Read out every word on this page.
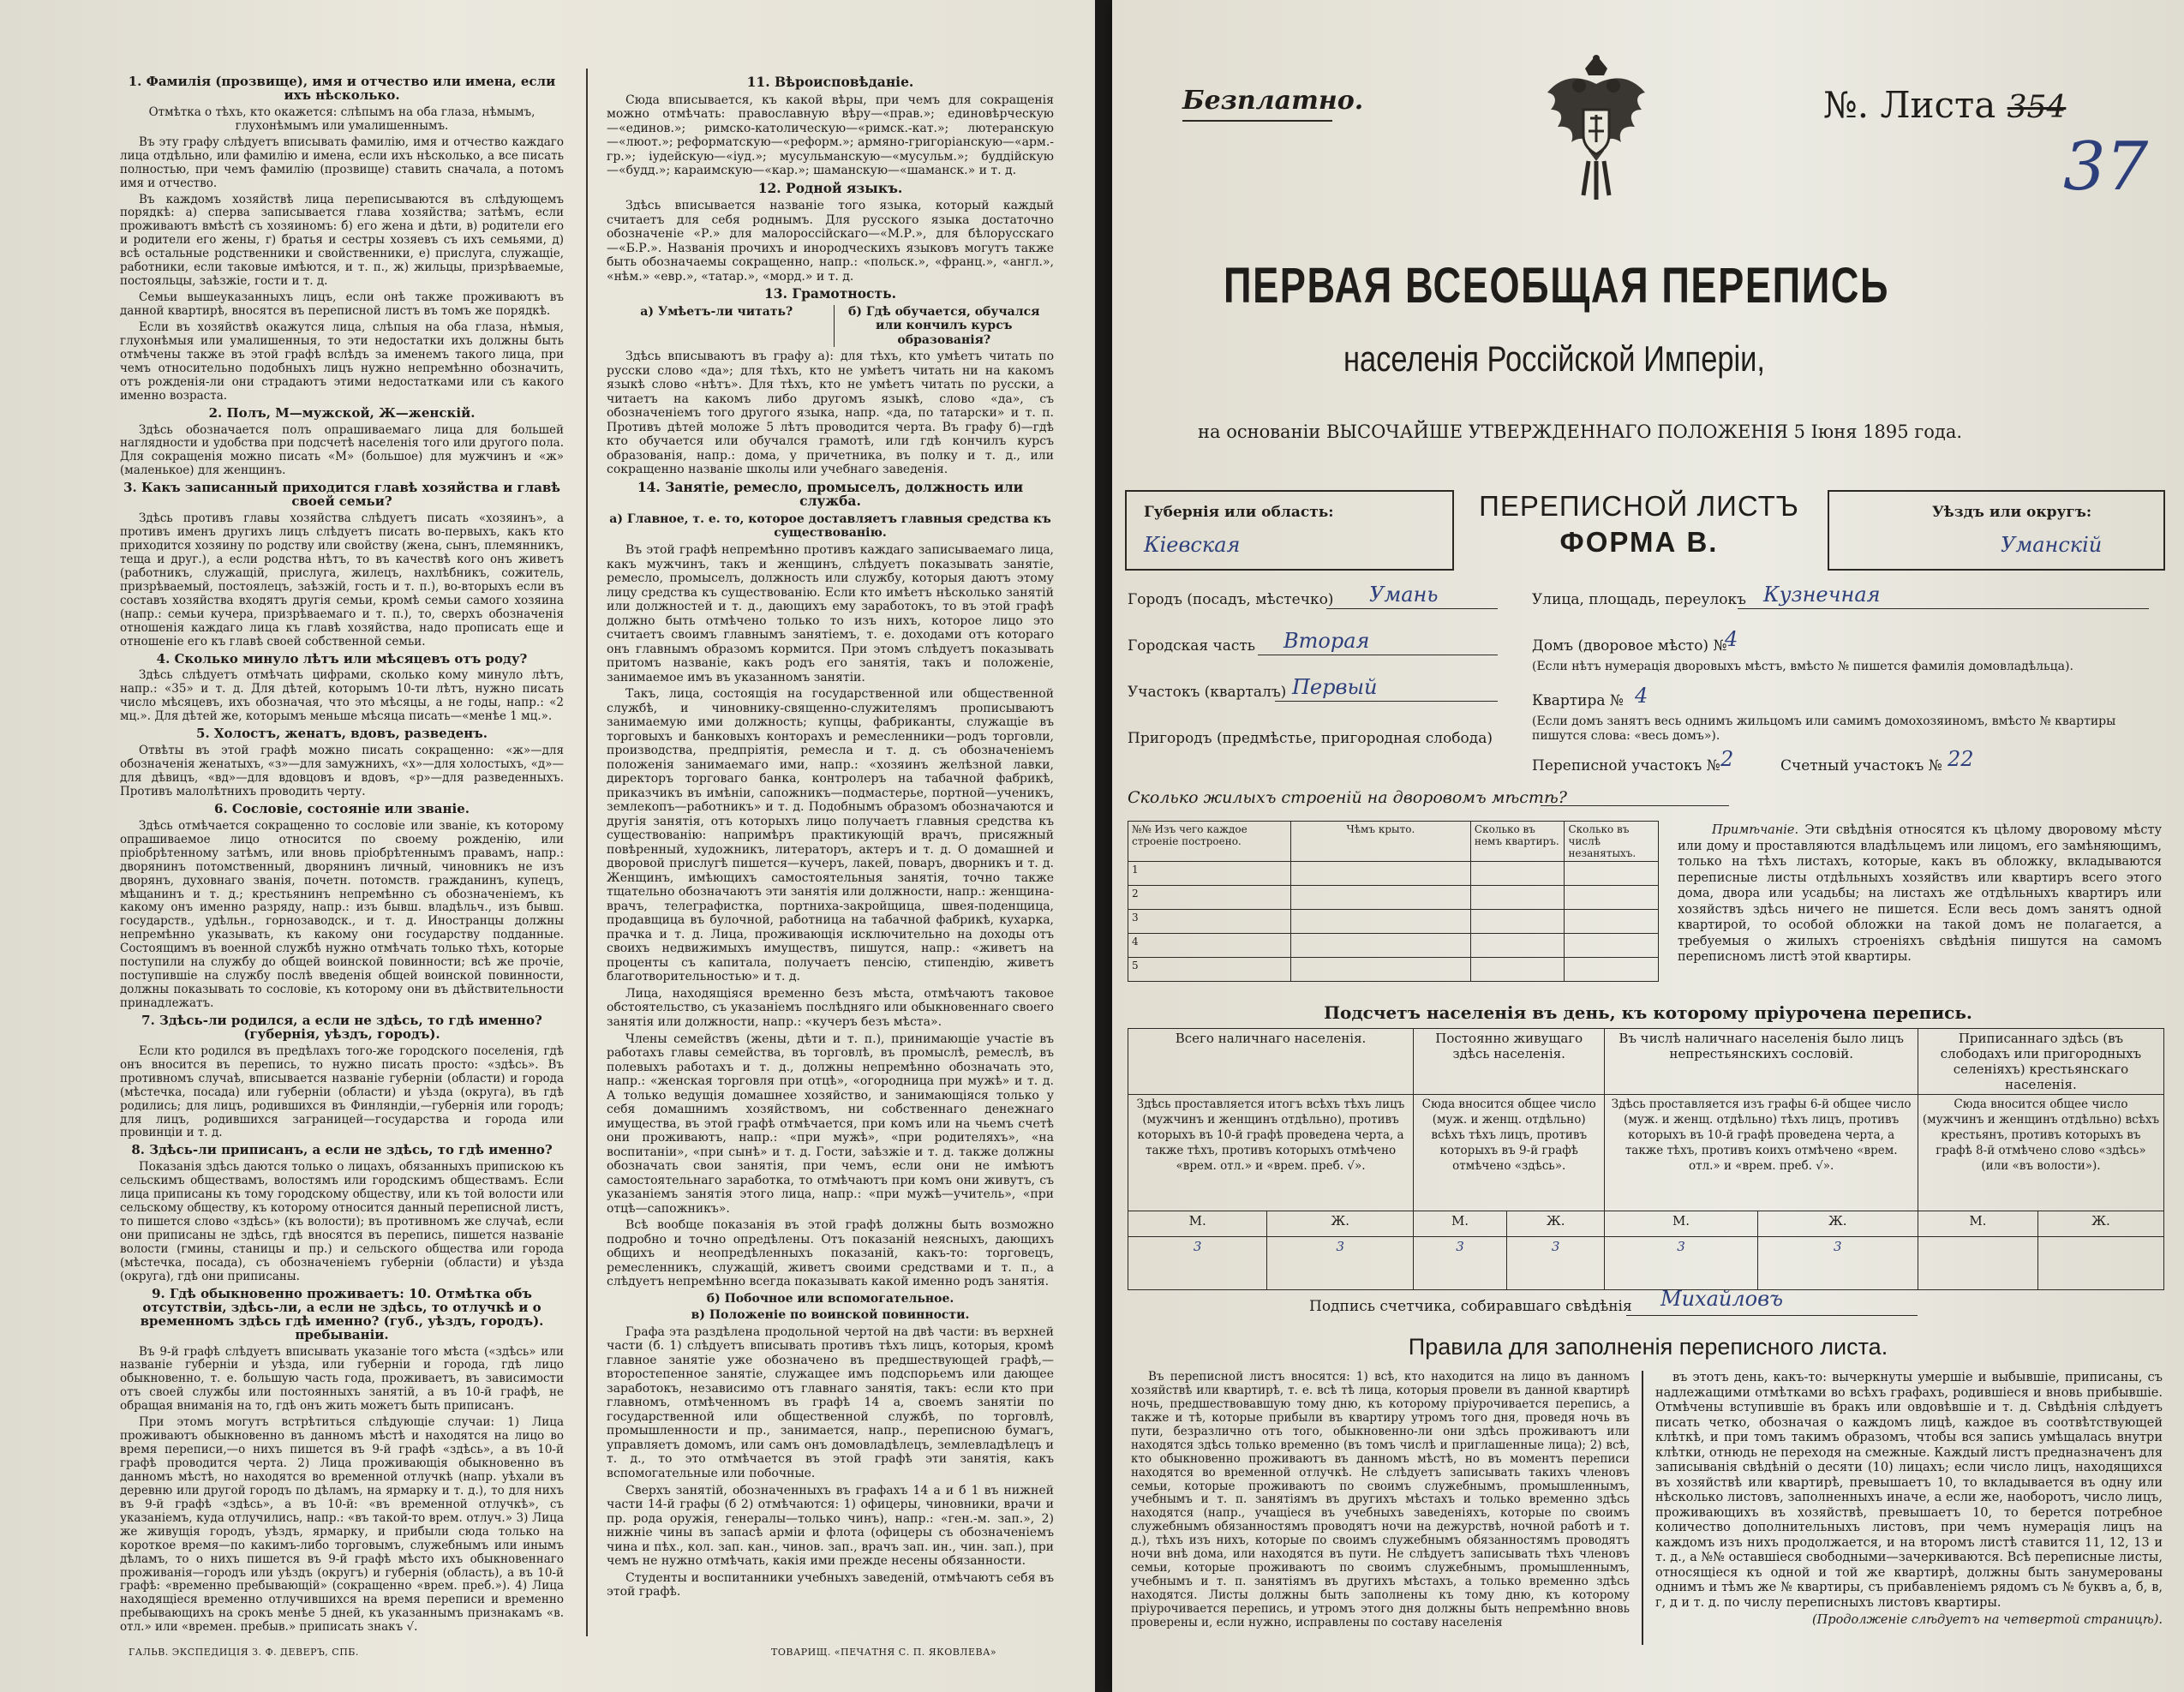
1. Фамилія (прозвище), имя и отчество или имена, если ихъ нѣсколько.

Отмѣтка о тѣхъ, кто окажется: слѣпымъ на оба глаза, нѣмымъ, глухонѣмымъ или умалишеннымъ.

Въ эту графу слѣдуетъ вписывать фамилію, имя и отчество каждаго лица отдѣльно, или фамилію и имена, если ихъ нѣсколько, а все писать полностью, при чемъ фамилію (прозвище) ставить сначала, а потомъ имя и отчество.

Въ каждомъ хозяйствѣ лица переписываются въ слѣдующемъ порядкѣ: а) сперва записывается глава хозяйства; затѣмъ, если проживаютъ вмѣстѣ съ хозяиномъ: б) его жена и дѣти, в) родители его и родители его жены, г) братья и сестры хозяевъ съ ихъ семьями, д) всѣ остальные родственники и свойственники, е) прислуга, служащіе, работники, если таковые имѣются, и т. п., ж) жильцы, призрѣваемые, постояльцы, заѣзжіе, гости и т. д.

Семьи вышеуказанныхъ лицъ, если онѣ также проживаютъ въ данной квартирѣ, вносятся въ переписной листъ въ томъ же порядкѣ.

Если въ хозяйствѣ окажутся лица, слѣпыя на оба глаза, нѣмыя, глухонѣмыя или умалишенныя, то эти недостатки ихъ должны быть отмѣчены также въ этой графѣ вслѣдъ за именемъ такого лица, при чемъ относительно подобныхъ лицъ нужно непремѣнно обозначить, отъ рожденія-ли они страдаютъ этими недостатками или съ какого именно возраста.

2. Полъ, М—мужской, Ж—женскій.

Здѣсь обозначается полъ опрашиваемаго лица для большей наглядности и удобства при подсчетѣ населенія того или другого пола. Для сокращенія можно писать «М» (большое) для мужчинъ и «ж» (маленькое) для женщинъ.

3. Какъ записанный приходится главѣ хозяйства и главѣ своей семьи?

Здѣсь противъ главы хозяйства слѣдуетъ писать «хозяинъ», а противъ именъ другихъ лицъ слѣдуетъ писать во-первыхъ, какъ кто приходится хозяину по родству или свойству (жена, сынъ, племянникъ, теща и друг.), а если родства нѣтъ, то въ качествѣ кого онъ живетъ (работникъ, служащій, прислуга, жилецъ, нахлѣбникъ, сожитель, призрѣваемый, постоялецъ, заѣзжій, гость и т. п.), во-вторыхъ если въ составъ хозяйства входятъ другія семьи, кромѣ семьи самого хозяина (напр.: семьи кучера, призрѣваемаго и т. п.), то, сверхъ обозначенія отношенія каждаго лица къ главѣ хозяйства, надо прописать еще и отношеніе его къ главѣ своей собственной семьи.

4. Сколько минуло лѣтъ или мѣсяцевъ отъ роду?

Здѣсь слѣдуетъ отмѣчать цифрами, сколько кому минуло лѣтъ, напр.: «35» и т. д. Для дѣтей, которымъ 10-ти лѣтъ, нужно писать число мѣсяцевъ, ихъ обозначая, что это мѣсяцы, а не годы, напр.: «2 мц.». Для дѣтей же, которымъ меньше мѣсяца писать—«менѣе 1 мц.».

5. Холостъ, женатъ, вдовъ, разведенъ.

Отвѣты въ этой графѣ можно писать сокращенно: «ж»—для обозначенія женатыхъ, «з»—для замужнихъ, «х»—для холостыхъ, «д»—для дѣвицъ, «вд»—для вдовцовъ и вдовъ, «р»—для разведенныхъ. Противъ малолѣтнихъ проводить черту.

6. Сословіе, состояніе или званіе.

Здѣсь отмѣчается сокращенно то сословіе или званіе, къ которому опрашиваемое лицо относится по своему рожденію, или пріобрѣтенному затѣмъ, или вновь пріобрѣтеннымъ правамъ, напр.: дворянинъ потомственный, дворянинъ личный, чиновникъ не изъ дворянъ, духовнаго званія, почетн. потомств. гражданинъ, купецъ, мѣщанинъ и т. д.; крестьянинъ непремѣнно съ обозначеніемъ, къ какому онъ именно разряду, напр.: изъ бывш. владѣльч., изъ бывш. государств., удѣльн., горнозаводск., и т. д. Иностранцы должны непремѣнно указывать, къ какому они государству подданные. Состоящимъ въ военной службѣ нужно отмѣчать только тѣхъ, которые поступили на службу до общей воинской повинности; всѣ же прочіе, поступившіе на службу послѣ введенія общей воинской повинности, должны показывать то сословіе, къ которому они въ дѣйствительности принадлежатъ.

7. Здѣсь-ли родился, а если не здѣсь, то гдѣ именно? (губернія, уѣздъ, городъ).

Если кто родился въ предѣлахъ того-же городского поселенія, гдѣ онъ вносится въ перепись, то нужно писать просто: «здѣсь». Въ противномъ случаѣ, вписывается названіе губерніи (области) и города (мѣстечка, посада) или губерніи (области) и уѣзда (округа), въ гдѣ родились; для лицъ, родившихся въ Финляндіи,—губернія или городъ; для лицъ, родившихся заграницей—государства и города или провинціи и т. д.

8. Здѣсь-ли приписанъ, а если не здѣсь, то гдѣ именно?

Показанія здѣсь даются только о лицахъ, обязанныхъ припискою къ сельскимъ обществамъ, волостямъ или городскимъ обществамъ. Если лица приписаны къ тому городскому обществу, или къ той волости или сельскому обществу, къ которому относится данный переписной листъ, то пишется слово «здѣсь» (къ волости); въ противномъ же случаѣ, если они приписаны не здѣсь, гдѣ вносятся въ перепись, пишется названіе волости (гмины, станицы и пр.) и сельского общества или города (мѣстечка, посада), съ обозначеніемъ губерніи (области) и уѣзда (округа), гдѣ они приписаны.

9. Гдѣ обыкновенно проживаетъ: 10. Отмѣтка объ отсутствіи, здѣсь-ли, а если не здѣсь, то отлучкѣ и о временномъ здѣсь гдѣ именно? (губ., уѣздъ, городъ). пребываніи.

Въ 9-й графѣ слѣдуетъ вписывать указаніе того мѣста («здѣсь» или названіе губерніи и уѣзда, или губерніи и города, гдѣ лицо обыкновенно, т. е. большую часть года, проживаетъ, въ зависимости отъ своей службы или постоянныхъ занятій, а въ 10-й графѣ, не обращая вниманія на то, гдѣ онъ жить можетъ быть приписанъ.

При этомъ могутъ встрѣтиться слѣдующіе случаи: 1) Лица проживаютъ обыкновенно въ данномъ мѣстѣ и находятся на лицо во время переписи,—о нихъ пишется въ 9-й графѣ «здѣсь», а въ 10-й графѣ проводится черта. 2) Лица проживающія обыкновенно въ данномъ мѣстѣ, но находятся во временной отлучкѣ (напр. уѣхали въ деревню или другой городъ по дѣламъ, на ярмарку и т. д.), то для нихъ въ 9-й графѣ «здѣсь», а въ 10-й: «въ временной отлучкѣ», съ указаніемъ, куда отлучились, напр.: «въ такой-то врем. отлуч.» 3) Лица же живущія городъ, уѣздъ, ярмарку, и прибыли сюда только на короткое время—по какимъ-либо торговымъ, служебнымъ или инымъ дѣламъ, то о нихъ пишется въ 9-й графѣ мѣсто ихъ обыкновеннаго проживанія—городъ или уѣздъ (округъ) и губернія (область), а въ 10-й графѣ: «временно пребывающій» (сокращенно «врем. преб.»). 4) Лица находящіеся временно отлучившихся на время переписи и временно пребывающихъ на срокъ менѣе 5 дней, къ указаннымъ признакамъ «в. отл.» или «времен. пребыв.» приписать знакъ √.

11. Вѣроисповѣданіе.

Сюда вписывается, къ какой вѣры, при чемъ для сокращенія можно отмѣчать: православную вѣру—«прав.»; единовѣрческую—«единов.»; римско-католическую—«римск.-кат.»; лютеранскую—«люот.»; реформатскую—«реформ.»; армяно-григоріанскую—«арм.-гр.»; іудейскую—«іуд.»; мусульманскую—«мусульм.»; буддійскую—«будд.»; караимскую—«кар.»; шаманскую—«шаманск.» и т. д.

12. Родной языкъ.

Здѣсь вписывается названіе того языка, который каждый считаетъ для себя роднымъ. Для русского языка достаточно обозначеніе «Р.» для малороссійскаго—«М.Р.», для бѣлорусскаго—«Б.Р.». Названія прочихъ и инородческихъ языковъ могутъ также быть обозначаемы сокращенно, напр.: «польск.», «франц.», «англ.», «нѣм.» «евр.», «татар.», «морд.» и т. д.

13. Грамотность.
а) Умѣетъ-ли читать?	б) Гдѣ обучается, обучался или кончилъ курсъ образованія?

Здѣсь вписываютъ въ графу а): для тѣхъ, кто умѣетъ читать по русски слово «да»; для тѣхъ, кто не умѣетъ читать ни на какомъ языкѣ слово «нѣтъ». Для тѣхъ, кто не умѣетъ читать по русски, а читаетъ на какомъ либо другомъ языкѣ, слово «да», съ обозначеніемъ того другого языка, напр. «да, по татарски» и т. п. Противъ дѣтей моложе 5 лѣтъ проводится черта. Въ графу б)—гдѣ кто обучается или обучался грамотѣ, или гдѣ кончилъ курсъ образованія, напр.: дома, у причетника, въ полку и т. д., или сокращенно названіе школы или учебнаго заведенія.

14. Занятіе, ремесло, промыселъ, должность или служба.

а) Главное, т. е. то, которое доставляетъ главныя средства къ существованію.

Въ этой графѣ непремѣнно противъ каждаго записываемаго лица, какъ мужчинъ, такъ и женщинъ, слѣдуетъ показывать занятіе, ремесло, промыселъ, должность или службу, которыя даютъ этому лицу средства къ существованію. Если кто имѣетъ нѣсколько занятій или должностей и т. д., дающихъ ему заработокъ, то въ этой графѣ должно быть отмѣчено только то изъ нихъ, которое лицо это считаетъ своимъ главнымъ занятіемъ, т. е. доходами отъ котораго онъ главнымъ образомъ кормится. При этомъ слѣдуетъ показывать притомъ названіе, какъ родъ его занятія, такъ и положеніе, занимаемое имъ въ указанномъ занятіи.

Такъ, лица, состоящія на государственной или общественной службѣ, и чиновнику-священно-служителямъ прописываютъ занимаемую ими должность; купцы, фабриканты, служащіе въ торговыхъ и банковыхъ конторахъ и ремесленники—родъ торговли, производства, предпріятія, ремесла и т. д. съ обозначеніемъ положенія занимаемаго ими, напр.: «хозяинъ желѣзной лавки, директоръ торговаго банка, контролеръ на табачной фабрикѣ, приказчикъ въ имѣніи, сапожникъ—подмастерье, портной—ученикъ, землекопъ—работникъ» и т. д. Подобнымъ образомъ обозначаются и другія занятія, отъ которыхъ лицо получаетъ главныя средства къ существованію: напримѣръ практикующій врачъ, присяжный повѣренный, художникъ, литераторъ, актеръ и т. д. О домашней и дворовой прислугѣ пишется—кучеръ, лакей, поваръ, дворникъ и т. д. Женщинъ, имѣющихъ самостоятельныя занятія, точно также тщательно обозначаютъ эти занятія или должности, напр.: женщина-врачъ, телеграфистка, портниха-закройщица, швея-поденщица, продавщица въ булочной, работница на табачной фабрикѣ, кухарка, прачка и т. д. Лица, проживающія исключительно на доходы отъ своихъ недвижимыхъ имуществъ, пишутся, напр.: «живетъ на проценты съ капитала, получаетъ пенсію, стипендію, живетъ благотворительностью» и т. д.

Лица, находящіяся временно безъ мѣста, отмѣчаютъ таковое обстоятельство, съ указаніемъ послѣдняго или обыкновеннаго своего занятія или должности, напр.: «кучеръ безъ мѣста».

Члены семействъ (жены, дѣти и т. п.), принимающіе участіе въ работахъ главы семейства, въ торговлѣ, въ промыслѣ, ремеслѣ, въ полевыхъ работахъ и т. д., должны непремѣнно обозначать это, напр.: «женская торговля при отцѣ», «огородница при мужѣ» и т. д. А только ведущія домашнее хозяйство, и занимающіяся только у себя домашнимъ хозяйствомъ, ни собственнаго денежнаго имущества, въ этой графѣ отмѣчается, при комъ или на чьемъ счетѣ они проживаютъ, напр.: «при мужѣ», «при родителяхъ», «на воспитаніи», «при сынѣ» и т. д. Гости, заѣзжіе и т. д. также должны обозначать свои занятія, при чемъ, если они не имѣютъ самостоятельнаго заработка, то отмѣчаютъ при комъ они живутъ, съ указаніемъ занятія этого лица, напр.: «при мужѣ—учитель», «при отцѣ—сапожникъ».

Всѣ вообще показанія въ этой графѣ должны быть возможно подробно и точно опредѣлены. Отъ показаній неясныхъ, дающихъ общихъ и неопредѣленныхъ показаній, какъ-то: торговецъ, ремесленникъ, служащій, живетъ своими средствами и т. п., а слѣдуетъ непремѣнно всегда показывать какой именно родъ занятія.

б) Побочное или вспомогательное.

в) Положеніе по воинской повинности.

Графа эта раздѣлена продольной чертой на двѣ части: въ верхней части (б. 1) слѣдуетъ вписывать противъ тѣхъ лицъ, которыя, кромѣ главное занятіе уже обозначено въ предшествующей графѣ,—второстепенное занятіе, служащее имъ подспорьемъ или дающее заработокъ, независимо отъ главнаго занятія, такъ: если кто при главномъ, отмѣченномъ въ графѣ 14 а, своемъ занятіи по государственной или общественной службѣ, по торговлѣ, промышленности и пр., занимается, напр., переписною бумагъ, управляетъ домомъ, или самъ онъ домовладѣлецъ, землевладѣлецъ и т. д., то это отмѣчается въ этой графѣ эти занятія, какъ вспомогательные или побочные.

Сверхъ занятій, обозначенныхъ въ графахъ 14 а и б 1 въ нижней части 14-й графы (б 2) отмѣчаются: 1) офицеры, чиновники, врачи и пр. рода оружія, генералы—только чинъ), напр.: «ген.-м. зап.», 2) нижніе чины въ запасѣ арміи и флота (офицеры съ обозначеніемъ чина и пѣх., кол. зап. кан., чинов. зап., врачъ зап. ин., чин. зап.), при чемъ не нужно отмѣчать, какія ими прежде несены обязанности.

Студенты и воспитанники учебныхъ заведеній, отмѣчаютъ себя въ этой графѣ.

ГАЛЬВ. ЭКСПЕДИЦІЯ З. Ф. ДЕВЕРЪ, СПБ.	ТОВАРИЩ. «ПЕЧАТНЯ С. П. ЯКОВЛЕВА»
Безплатно.	№. Листа 354
37
ПЕРВАЯ ВСЕОБЩАЯ ПЕРЕПИСЬ
населенія Россійской Имперіи,
на основаніи ВЫСОЧАЙШЕ УТВЕРЖДЕННАГО ПОЛОЖЕНІЯ 5 Іюня 1895 года.
Губернія или область:
Кіевская
ПЕРЕПИСНОЙ ЛИСТЪ
ФОРМА В.
Уѣздъ или округъ:
Уманскій
Городъ (посадъ, мѣстечко) Умань
Городская часть Вторая
Участокъ (кварталъ) Первый
Пригородъ (предмѣстье, пригородная слобода)
Улица, площадь, переулокъ Кузнечная
Домъ (дворовое мѣсто) №
4
(Если нѣтъ нумерація дворовыхъ мѣстъ, вмѣсто № пишется фамилія домовладѣльца).
Квартира № 4
(Если домъ занятъ весь однимъ жильцомъ или самимъ домохозяиномъ, вмѣсто № квартиры пишутся слова: «весь домъ»).
Переписной участокъ № 2	Счетный участокъ № 22
Сколько жилыхъ строеній на дворовомъ мѣстѣ?
№№ Изъ чего каждое строеніе построено.	Чѣмъ крыто.	Сколько въ немъ квартиръ.	Сколько въ числѣ незанятыхъ.
1			
2			
3			
4			
5			
Примѣчаніе. Эти свѣдѣнія относятся къ цѣлому дворовому мѣсту или дому и проставляются владѣльцемъ или лицомъ, его замѣняющимъ, только на тѣхъ листахъ, которые, какъ въ обложку, вкладываются переписные листы отдѣльныхъ хозяйствъ или квартиръ всего этого дома, двора или усадьбы; на листахъ же отдѣльныхъ квартиръ или хозяйствъ здѣсь ничего не пишется. Если весь домъ занятъ одной квартирой, то особой обложки на такой домъ не полагается, а требуемыя о жилыхъ строеніяхъ свѣдѣнія пишутся на самомъ переписномъ листѣ этой квартиры.
Подсчетъ населенія въ день, къ которому пріурочена перепись.
Всего наличнаго населенія.		Постоянно живущаго здѣсь населенія.		Въ числѣ наличнаго населенія было лицъ непрестьянскихъ сословій.		Приписаннаго здѣсь (въ слободахъ или пригородныхъ селеніяхъ) крестьянскаго населенія.	
Здѣсь проставляется итогъ всѣхъ тѣхъ лицъ (мужчинъ и женщинъ отдѣльно), противъ которыхъ въ 10-й графѣ проведена черта, а также тѣхъ, противъ которыхъ отмѣчено «врем. отл.» и «врем. преб. √».		Сюда вносится общее число (муж. и женщ. отдѣльно) всѣхъ тѣхъ лицъ, противъ которыхъ въ 9-й графѣ отмѣчено «здѣсь».		Здѣсь проставляется изъ графы 6-й общее число (муж. и женщ. отдѣльно) тѣхъ лицъ, противъ которыхъ въ 10-й графѣ проведена черта, а также тѣхъ, противъ коихъ отмѣчено «врем. отл.» и «врем. преб. √».		Сюда вносится общее число (мужчинъ и женщинъ отдѣльно) всѣхъ крестьянъ, противъ которыхъ въ графѣ 8-й отмѣчено слово «здѣсь» (или «въ волости»).	
М.	Ж.	М.	Ж.	М.	Ж.	М.	Ж.
3	3	3	3	3	3		
Подпись счетчика, собиравшаго свѣдѣнія Михайловъ
Правила для заполненія переписного листа.

Въ переписной листъ вносятся: 1) всѣ, кто находится на лицо въ данномъ хозяйствѣ или квартирѣ, т. е. всѣ тѣ лица, которыя провели въ данной квартирѣ ночь, предшествовавшую тому дню, къ которому пріурочивается перепись, а также и тѣ, которые прибыли въ квартиру утромъ того дня, проведя ночь въ пути, безразлично отъ того, обыкновенно-ли они здѣсь проживаютъ или находятся здѣсь только временно (въ томъ числѣ и приглашенные лица); 2) всѣ, кто обыкновенно проживаютъ въ данномъ мѣстѣ, но въ моментъ переписи находятся во временной отлучкѣ. Не слѣдуетъ записывать такихъ членовъ семьи, которые проживаютъ по своимъ служебнымъ, промышленнымъ, учебнымъ и т. п. занятіямъ въ другихъ мѣстахъ и только временно здѣсь находятся (напр., учащіеся въ учебныхъ заведеніяхъ, которые по своимъ служебнымъ обязанностямъ проводятъ ночи на дежурствѣ, ночной работѣ и т. д.), тѣхъ изъ нихъ, которые по своимъ служебнымъ обязанностямъ проводятъ ночи внѣ дома, или находятся въ пути. Не слѣдуетъ записывать тѣхъ членовъ семьи, которые проживаютъ по своимъ служебнымъ, промышленнымъ, учебнымъ и т. п. занятіямъ въ другихъ мѣстахъ, а только временно здѣсь находятся. Листы должны быть заполнены къ тому дню, къ которому пріурочивается перепись, и утромъ этого дня должны быть непремѣнно вновь проверены и, если нужно, исправлены по составу населенія

въ этотъ день, какъ-то: вычеркнуты умершіе и выбывшіе, приписаны, съ надлежащими отмѣтками во всѣхъ графахъ, родившіеся и вновь прибывшіе. Отмѣчены вступившіе въ бракъ или овдовѣвшіе и т. д. Свѣдѣнія слѣдуетъ писать четко, обозначая о каждомъ лицѣ, каждое въ соотвѣтствующей клѣткѣ, и при томъ такимъ образомъ, чтобы вся запись умѣщалась внутри клѣтки, отнюдь не переходя на смежные. Каждый листъ предназначенъ для записыванія свѣдѣній о десяти (10) лицахъ; если число лицъ, находящихся въ хозяйствѣ или квартирѣ, превышаетъ 10, то вкладывается въ одну или нѣсколько листовъ, заполненныхъ иначе, а если же, наоборотъ, число лицъ, проживающихъ въ хозяйствѣ, превышаетъ 10, то берется потребное количество дополнительныхъ листовъ, при чемъ нумерація лицъ на каждомъ изъ нихъ продолжается, и на второмъ листѣ ставится 11, 12, 13 и т. д., а №№ оставшіеся свободными—зачеркиваются. Всѣ переписные листы, относящіеся къ одной и той же квартирѣ, должны быть занумерованы однимъ и тѣмъ же № квартиры, съ прибавленіемъ рядомъ съ № буквъ а, б, в, г, д и т. д. по числу переписныхъ листовъ квартиры.

(Продолженіе слѣдуетъ на четвертой страницѣ).
